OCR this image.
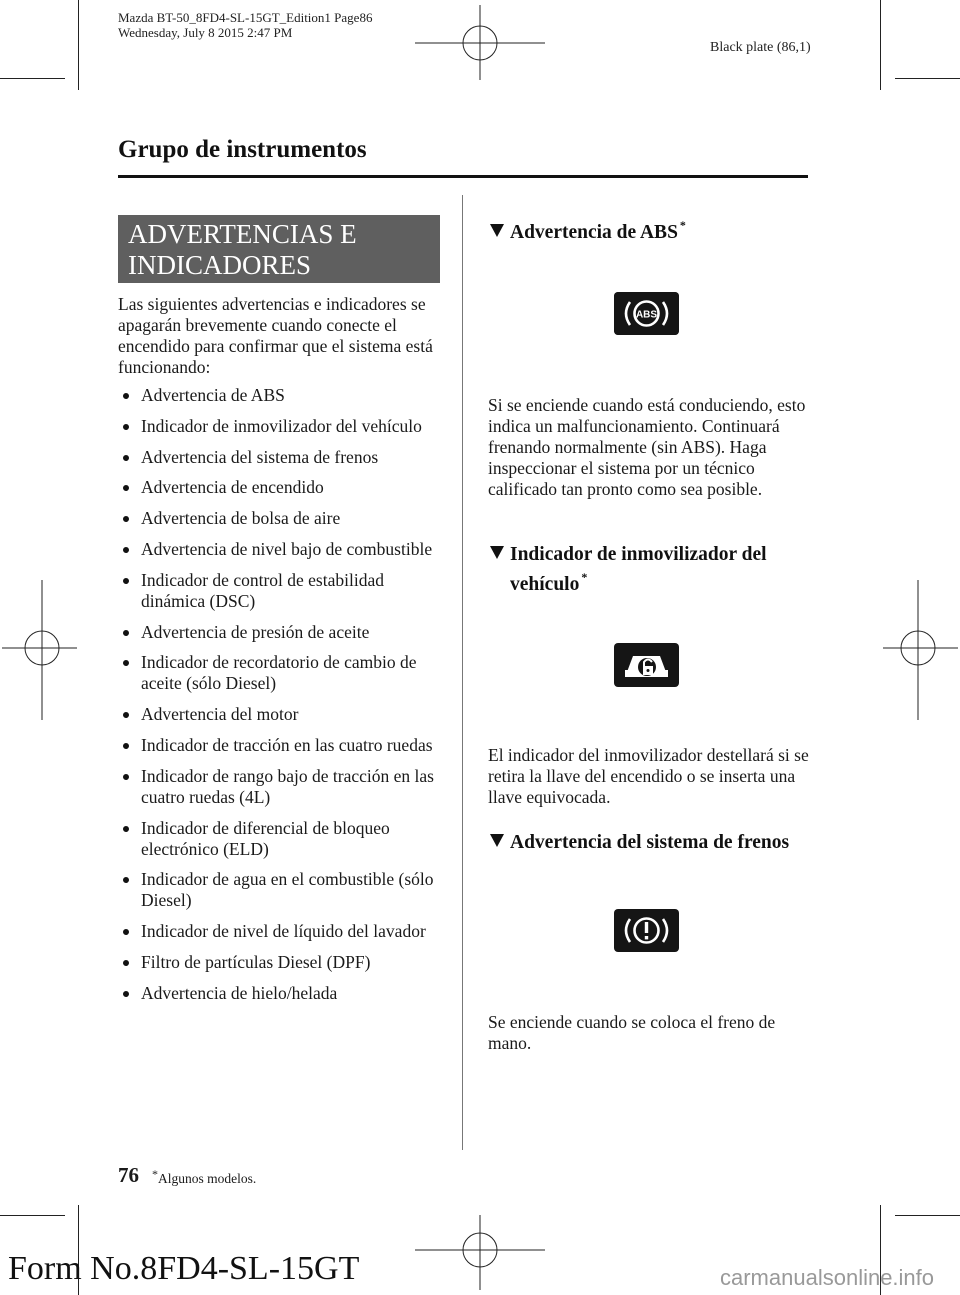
Mazda BT-50_8FD4-SL-15GT_Edition1 Page86
Wednesday, July 8 2015 2:47 PM
Black plate (86,1)
Grupo de instrumentos
ADVERTENCIAS E INDICADORES
Las siguientes advertencias e indicadores se apagarán brevemente cuando conecte el encendido para confirmar que el sistema está funcionando:
Advertencia de ABS
Indicador de inmovilizador del vehículo
Advertencia del sistema de frenos
Advertencia de encendido
Advertencia de bolsa de aire
Advertencia de nivel bajo de combustible
Indicador de control de estabilidad dinámica (DSC)
Advertencia de presión de aceite
Indicador de recordatorio de cambio de aceite (sólo Diesel)
Advertencia del motor
Indicador de tracción en las cuatro ruedas
Indicador de rango bajo de tracción en las cuatro ruedas (4L)
Indicador de diferencial de bloqueo electrónico (ELD)
Indicador de agua en el combustible (sólo Diesel)
Indicador de nivel de líquido del lavador
Filtro de partículas Diesel (DPF)
Advertencia de hielo/helada
Advertencia de ABS *
ABS
Si se enciende cuando está conduciendo, esto indica un malfuncionamiento. Continuará frenando normalmente (sin ABS). Haga inspeccionar el sistema por un técnico calificado tan pronto como sea posible.
Indicador de inmovilizador del
vehículo *
El indicador del inmovilizador destellará si se retira la llave del encendido o se inserta una llave equivocada.
Advertencia del sistema de frenos
Se enciende cuando se coloca el freno de mano.
76 *Algunos modelos.
Form No.8FD4-SL-15GT	carmanualsonline.info
